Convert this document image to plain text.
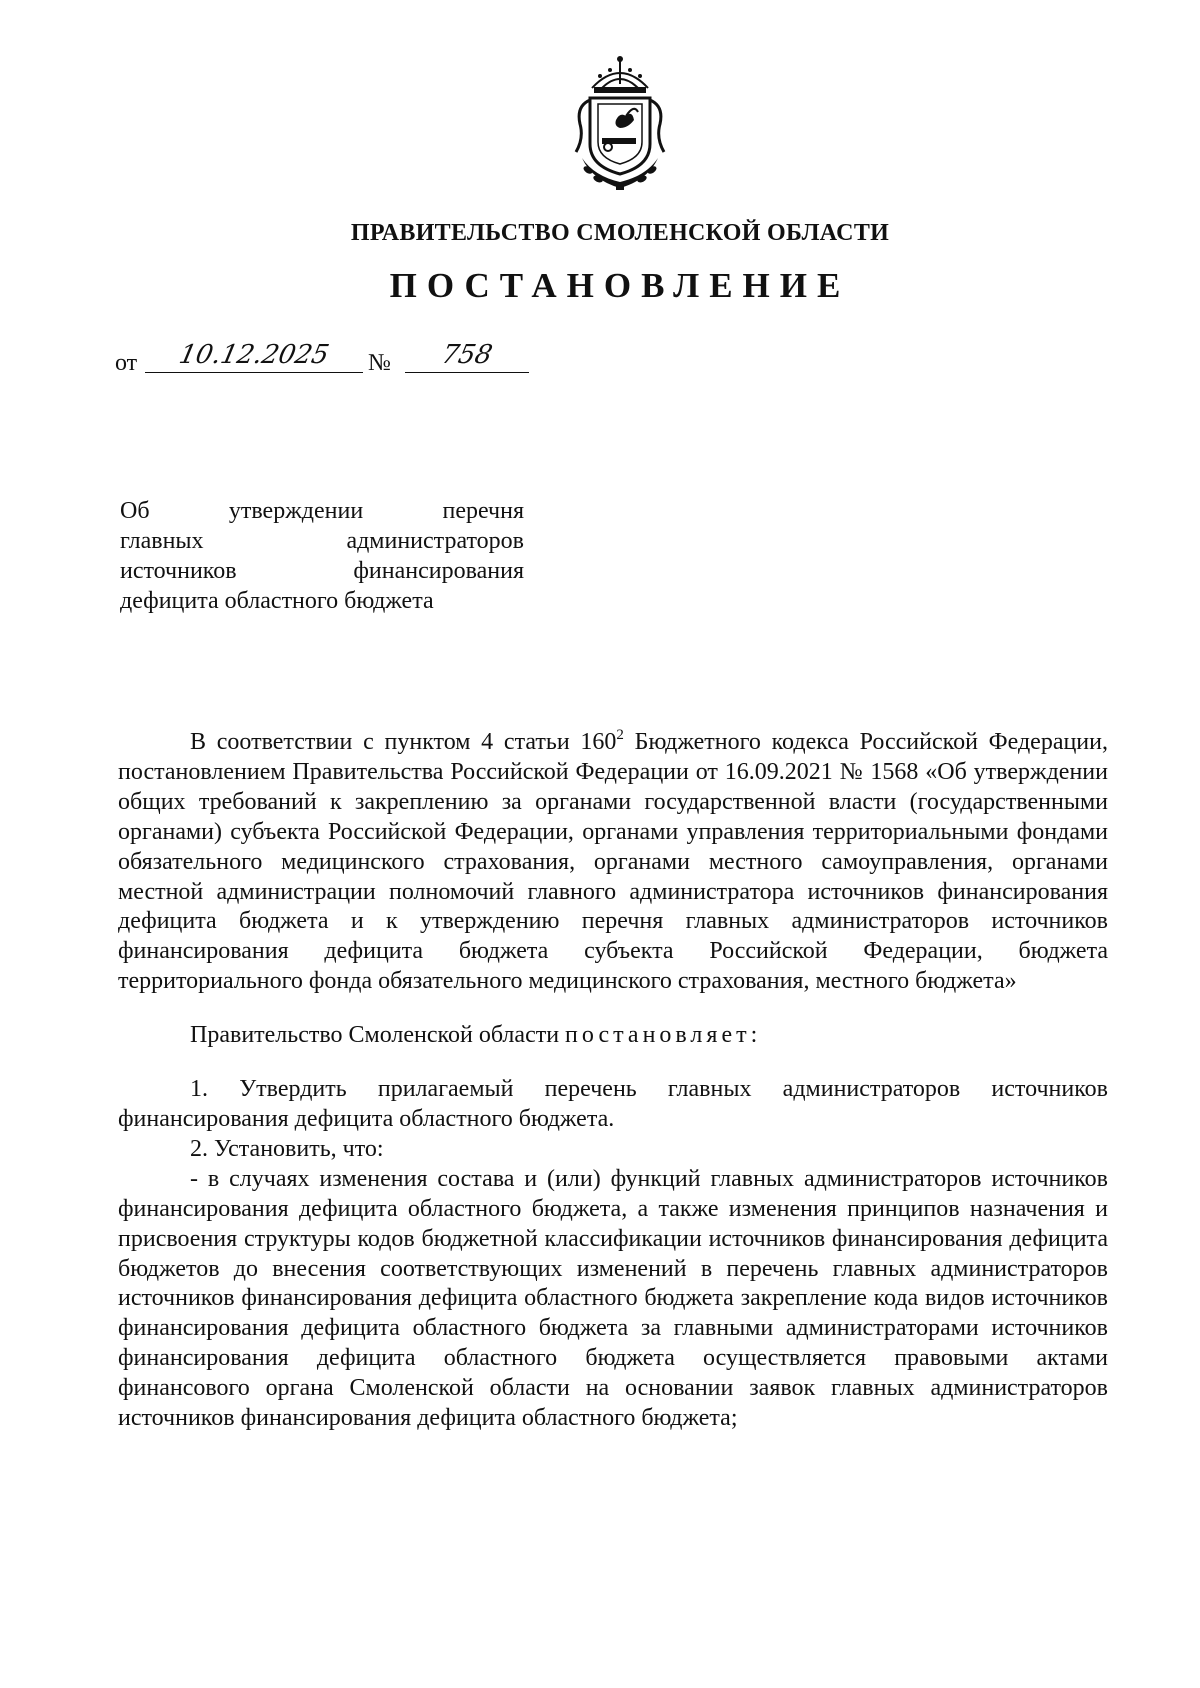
ПРАВИТЕЛЬСТВО СМОЛЕНСКОЙ ОБЛАСТИ
ПОСТАНОВЛЕНИЕ
от	10.12.2025	№	758
Об	утверждении	перечня
главных	администраторов
источников	финансирования
дефицита областного бюджета

В соответствии с пунктом 4 статьи $160^2$ Бюджетного кодекса Российской Федерации, постановлением Правительства Российской Федерации от 16.09.2021 № 1568 «Об утверждении общих требований к закреплению за органами государственной власти (государственными органами) субъекта Российской Федерации, органами управления территориальными фондами обязательного медицинского страхования, органами местного самоуправления, органами местной администрации полномочий главного администратора источников финансирования дефицита бюджета и к утверждению перечня главных администраторов источников финансирования дефицита бюджета субъекта Российской Федерации, бюджета территориального фонда обязательного медицинского страхования, местного бюджета»

Правительство Смоленской области постановляет:

1. Утвердить прилагаемый перечень главных администраторов источников финансирования дефицита областного бюджета.

2. Установить, что:

- в случаях изменения состава и (или) функций главных администраторов источников финансирования дефицита областного бюджета, а также изменения принципов назначения и присвоения структуры кодов бюджетной классификации источников финансирования дефицита бюджетов до внесения соответствующих изменений в перечень главных администраторов источников финансирования дефицита областного бюджета закрепление кода видов источников финансирования дефицита областного бюджета за главными администраторами источников финансирования дефицита областного бюджета осуществляется правовыми актами финансового органа Смоленской области на основании заявок главных администраторов источников финансирования дефицита областного бюджета;
